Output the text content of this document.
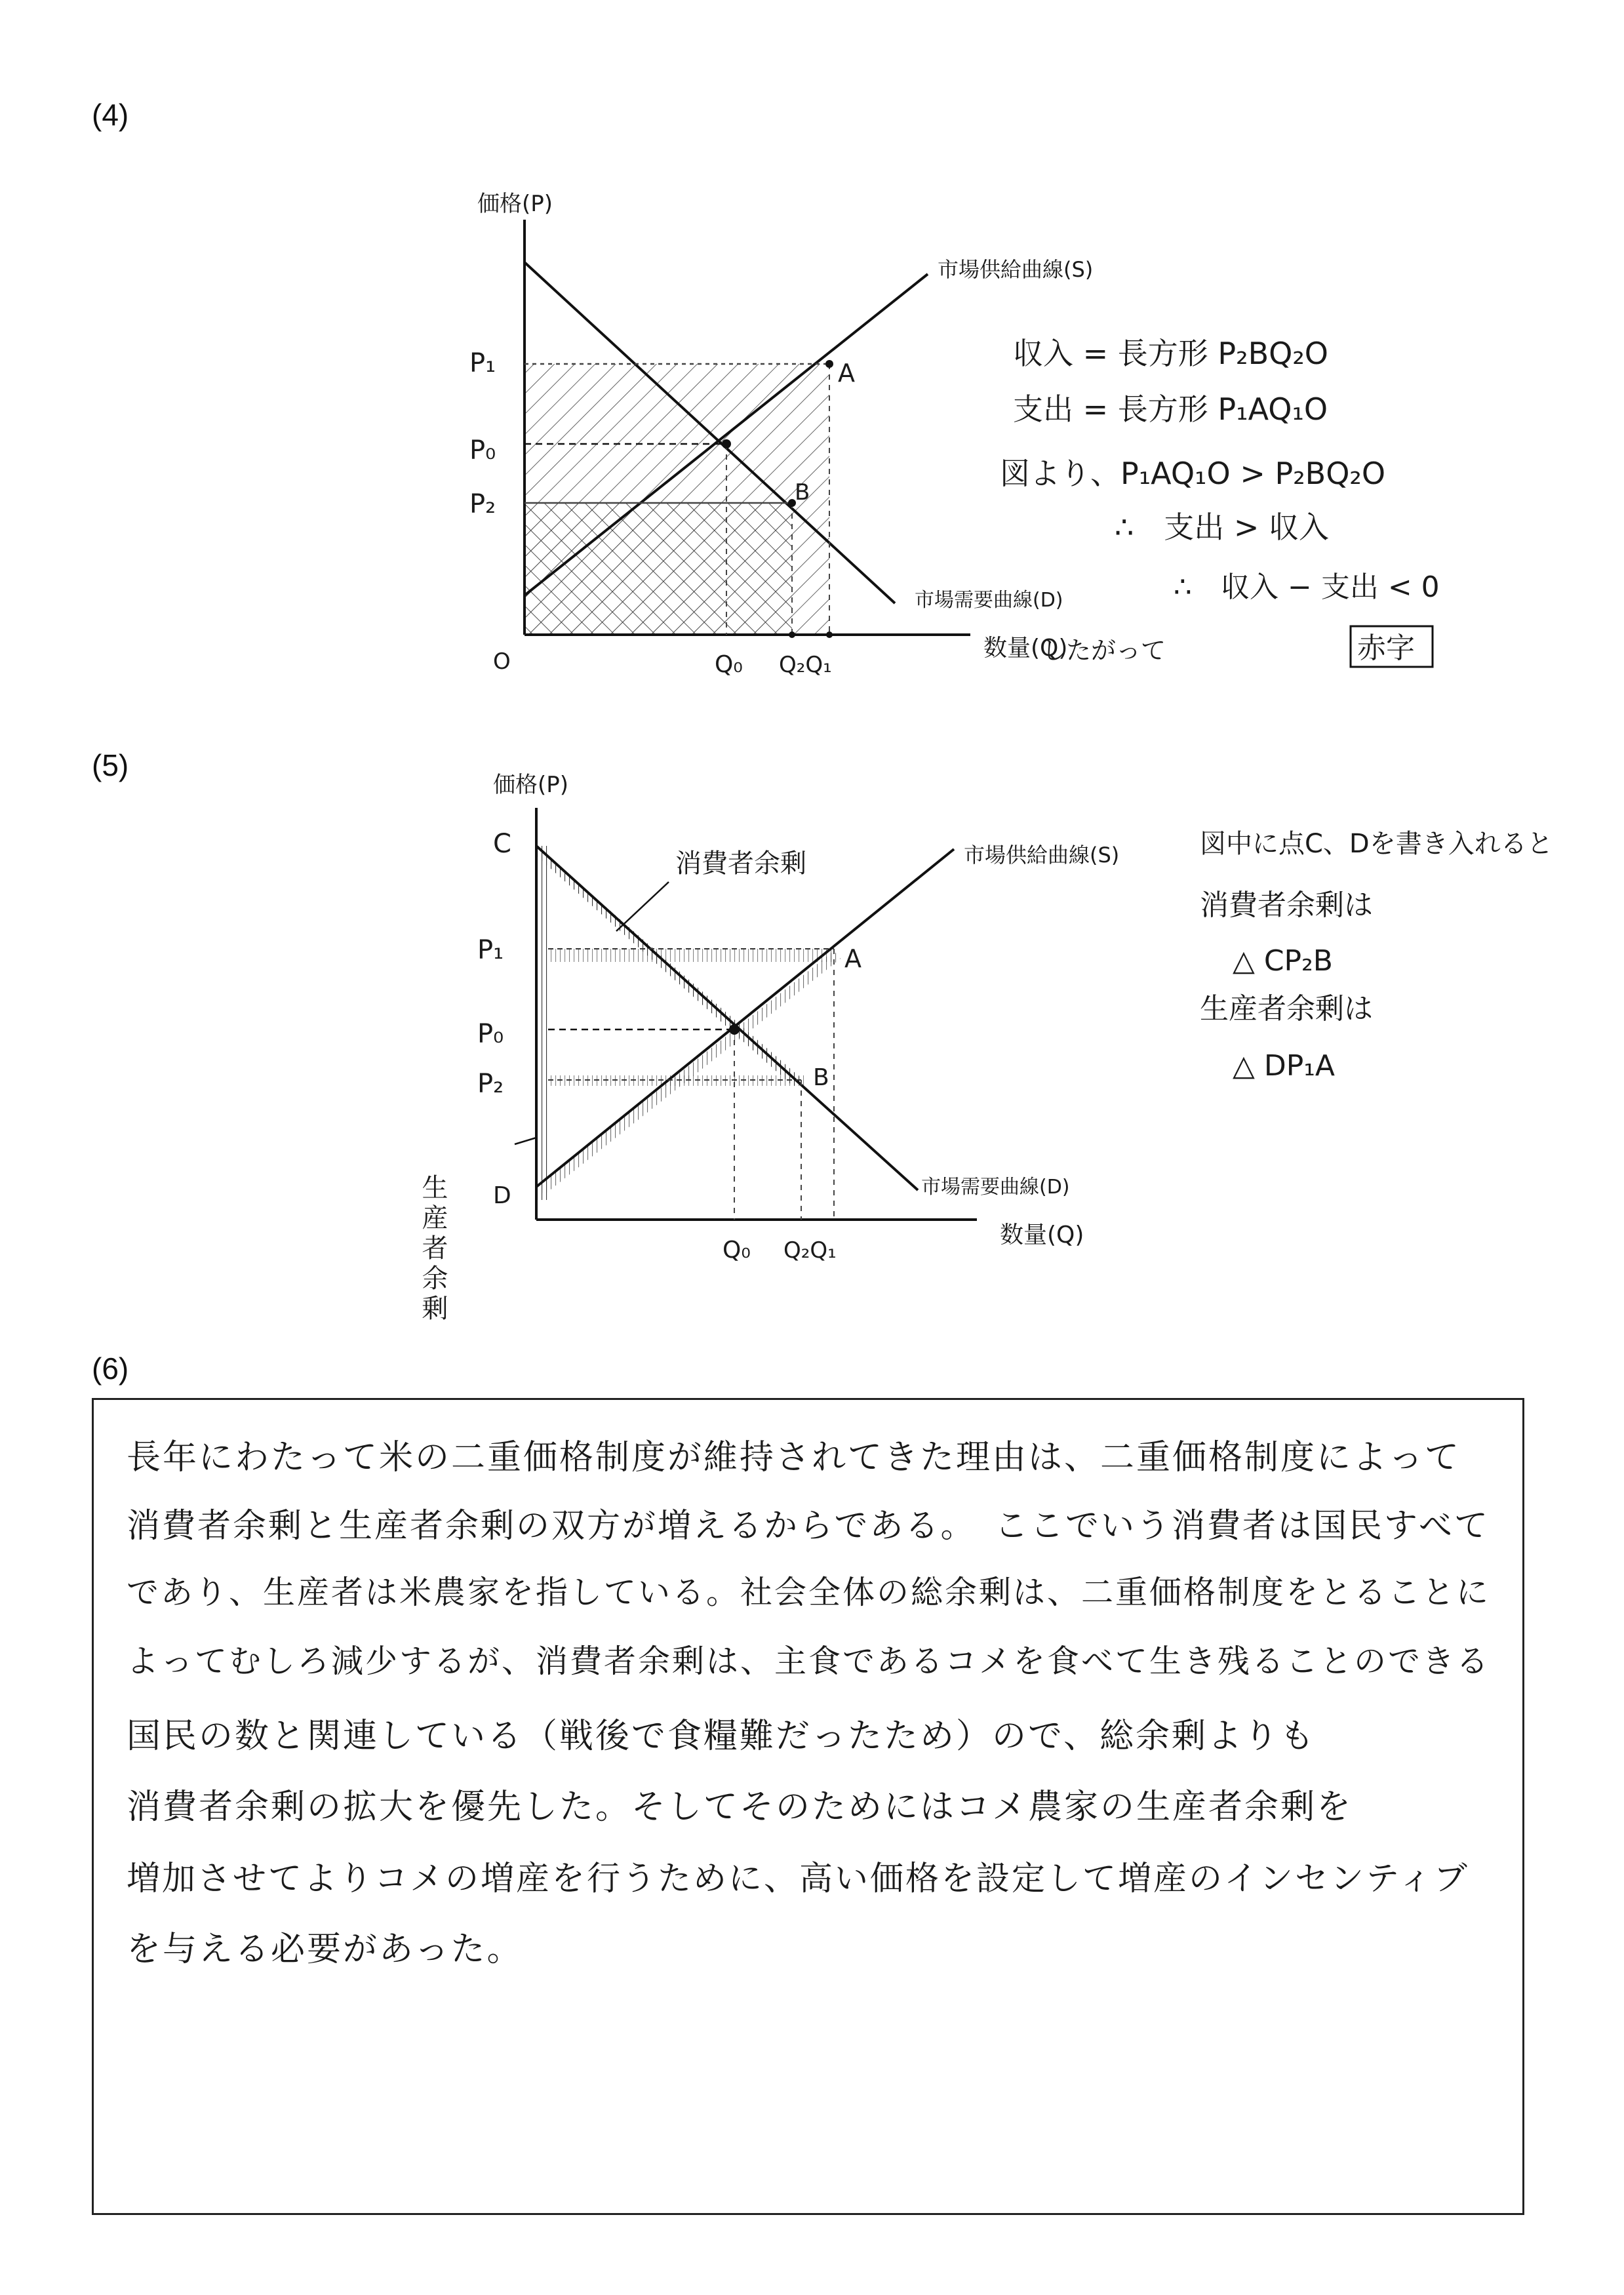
(4)
(5)
(6)
価格(P)
数量(Q)
O
市場供給曲線(S)
市場需要曲線(D)
P₁
P₀
P₂
Q₀ Q₂Q₁
A
B
収入 = 長方形 P₂BQ₂O
支出 = 長方形 P₁AQ₁O
図より、P₁AQ₁O > P₂BQ₂O
∴　支出 > 収入
∴　収入 − 支出 < 0
したがって	赤字
価格(P)
数量(Q)
市場供給曲線(S)
市場需要曲線(D)
消費者余剰
C
D
P₁
P₀
P₂
Q₀ Q₂Q₁
A
B
生産者余剰
図中に点C、Dを書き入れると
消費者余剰は
△ CP₂B
生産者余剰は
△ DP₁A
長年にわたって米の二重価格制度が維持されてきた理由は、二重価格制度によって
消費者余剰と生産者余剰の双方が増えるからである。　ここでいう消費者は国民すべて
であり、生産者は米農家を指している。社会全体の総余剰は、二重価格制度をとることに
よってむしろ減少するが、消費者余剰は、主食であるコメを食べて生き残ることのできる
国民の数と関連している（戦後で食糧難だったため）ので、総余剰よりも
消費者余剰の拡大を優先した。そしてそのためにはコメ農家の生産者余剰を
増加させてよりコメの増産を行うために、高い価格を設定して増産のインセンティブ
を与える必要があった。
